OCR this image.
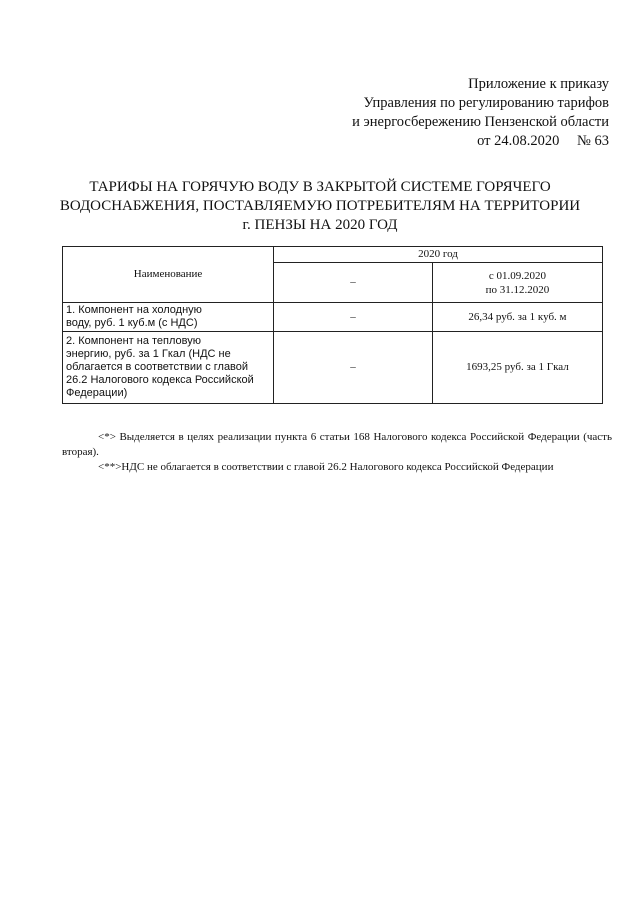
Приложение к приказу
Управления по регулированию тарифов
и энергосбережению Пензенской области
от 24.08.2020 № 63
ТАРИФЫ НА ГОРЯЧУЮ ВОДУ В ЗАКРЫТОЙ СИСТЕМЕ ГОРЯЧЕГО
ВОДОСНАБЖЕНИЯ, ПОСТАВЛЯЕМУЮ ПОТРЕБИТЕЛЯМ НА ТЕРРИТОРИИ
г. ПЕНЗЫ НА 2020 ГОД
Наименование	2020 год	
	–	с 01.09.2020
по 31.12.2020

1. Компонент на холодную
воду, руб. 1 куб.м (с НДС)	–	26,34 руб. за 1 куб. м

2. Компонент на тепловую
энергию, руб. за 1 Гкал (НДС не
облагается в соответствии с главой
26.2 Налогового кодекса Российской
Федерации)	–	1693,25 руб. за 1 Гкал

<*> Выделяется в целях реализации пункта 6 статьи 168 Налогового кодекса Российской Федерации (часть вторая).

<**>НДС не облагается в соответствии с главой 26.2 Налогового кодекса Российской Федерации
